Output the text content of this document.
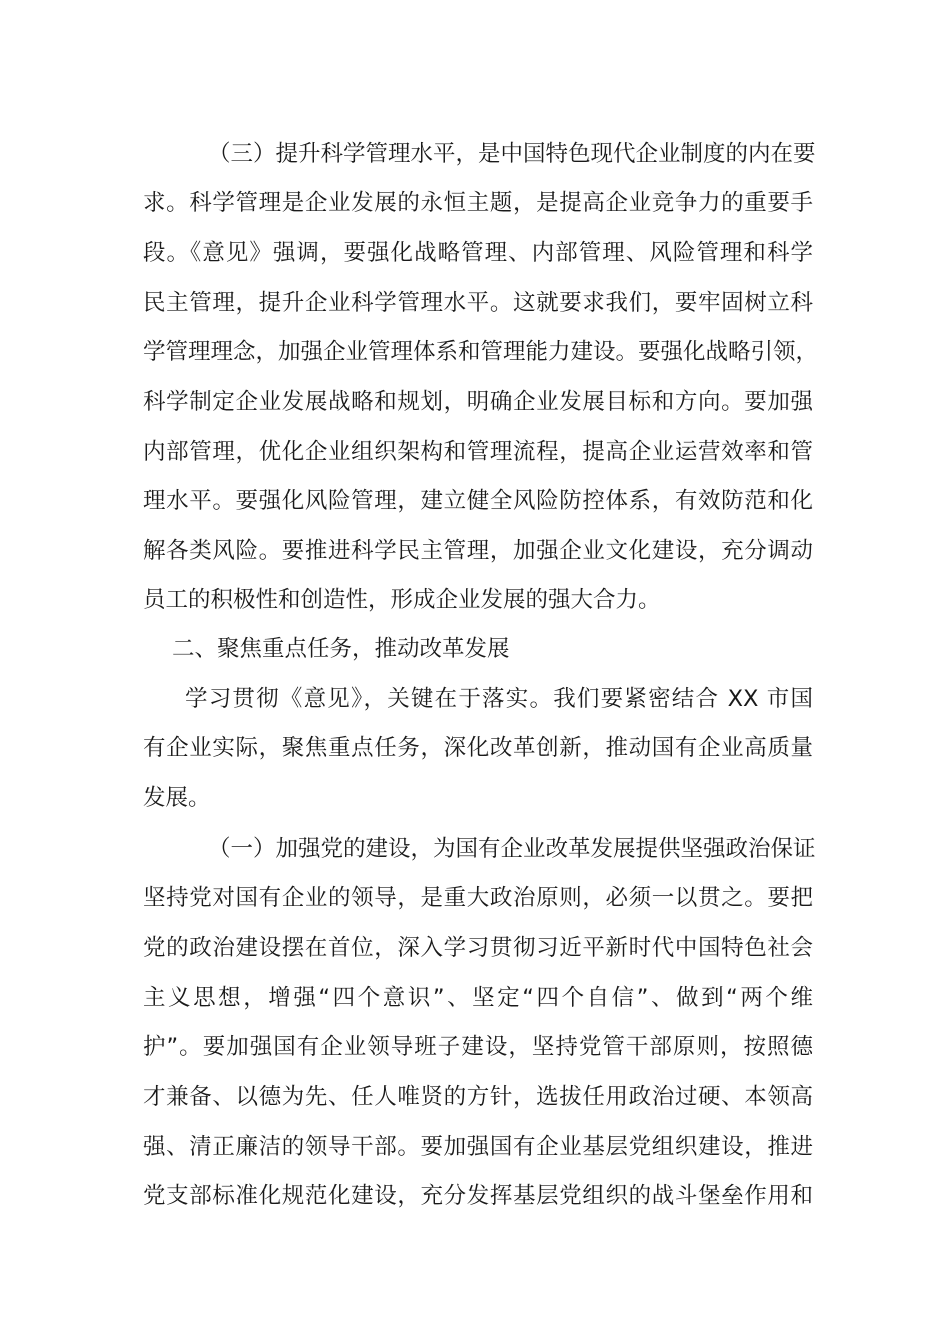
（三）提升科学管理水平，是中国特色现代企业制度的内在要
求。科学管理是企业发展的永恒主题，是提高企业竞争力的重要手
段。《意见》强调，要强化战略管理、内部管理、风险管理和科学
民主管理，提升企业科学管理水平。这就要求我们，要牢固树立科
学管理理念，加强企业管理体系和管理能力建设。要强化战略引领，
科学制定企业发展战略和规划，明确企业发展目标和方向。要加强
内部管理，优化企业组织架构和管理流程，提高企业运营效率和管
理水平。要强化风险管理，建立健全风险防控体系，有效防范和化
解各类风险。要推进科学民主管理，加强企业文化建设，充分调动
员工的积极性和创造性，形成企业发展的强大合力。
二、聚焦重点任务，推动改革发展
学习贯彻《意见》，关键在于落实。我们要紧密结合 XX 市国
有企业实际，聚焦重点任务，深化改革创新，推动国有企业高质量
发展。
（一）加强党的建设，为国有企业改革发展提供坚强政治保证
坚持党对国有企业的领导，是重大政治原则，必须一以贯之。要把
党的政治建设摆在首位，深入学习贯彻习近平新时代中国特色社会
主义思想，增强“四个意识”、坚定“四个自信”、做到“两个维
护”。要加强国有企业领导班子建设，坚持党管干部原则，按照德
才兼备、以德为先、任人唯贤的方针，选拔任用政治过硬、本领高
强、清正廉洁的领导干部。要加强国有企业基层党组织建设，推进
党支部标准化规范化建设，充分发挥基层党组织的战斗堡垒作用和
